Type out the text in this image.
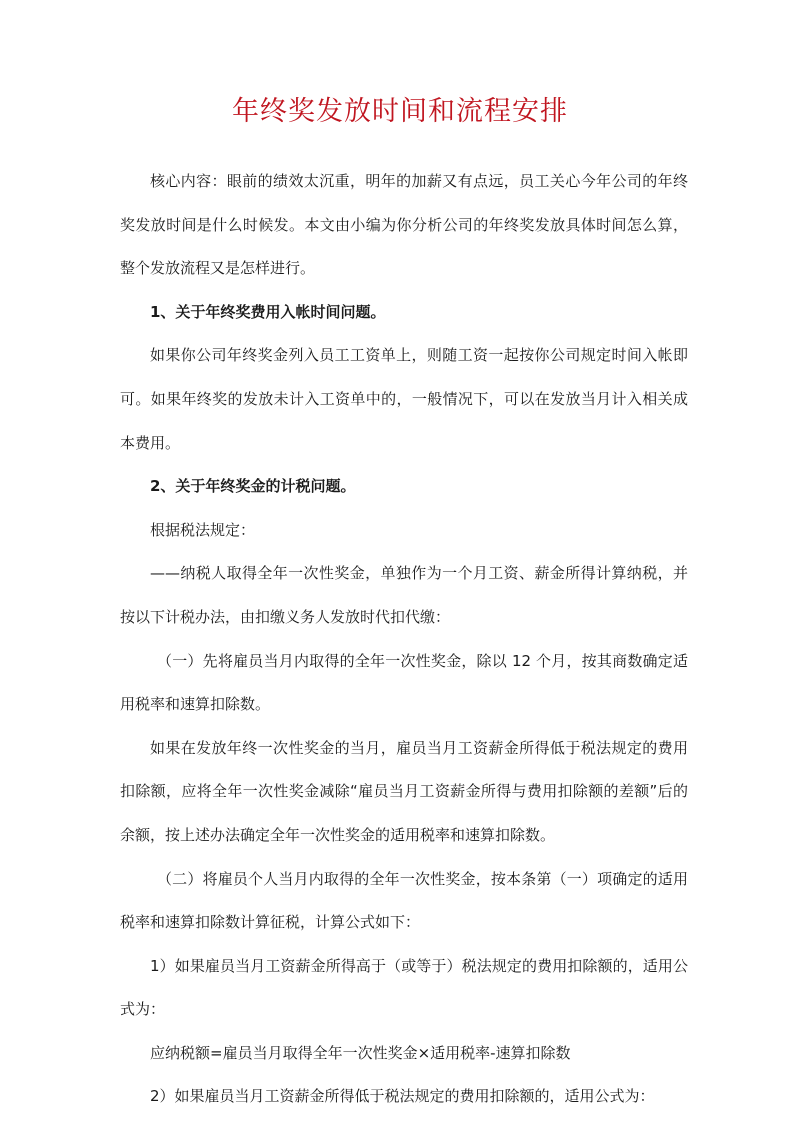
年终奖发放时间和流程安排

核心内容：眼前的绩效太沉重，明年的加薪又有点远，员工关心今年公司的年终奖发放时间是什么时候发。本文由小编为你分析公司的年终奖发放具体时间怎么算，整个发放流程又是怎样进行。

1、关于年终奖费用入帐时间问题。

如果你公司年终奖金列入员工工资单上，则随工资一起按你公司规定时间入帐即可。如果年终奖的发放未计入工资单中的，一般情况下，可以在发放当月计入相关成本费用。

2、关于年终奖金的计税问题。

根据税法规定：

——纳税人取得全年一次性奖金，单独作为一个月工资、薪金所得计算纳税，并按以下计税办法，由扣缴义务人发放时代扣代缴：

（一）先将雇员当月内取得的全年一次性奖金，除以 12 个月，按其商数确定适用税率和速算扣除数。

如果在发放年终一次性奖金的当月，雇员当月工资薪金所得低于税法规定的费用扣除额，应将全年一次性奖金减除“雇员当月工资薪金所得与费用扣除额的差额”后的余额，按上述办法确定全年一次性奖金的适用税率和速算扣除数。

（二）将雇员个人当月内取得的全年一次性奖金，按本条第（一）项确定的适用税率和速算扣除数计算征税，计算公式如下：

1）如果雇员当月工资薪金所得高于（或等于）税法规定的费用扣除额的，适用公式为：

应纳税额=雇员当月取得全年一次性奖金×适用税率-速算扣除数

2）如果雇员当月工资薪金所得低于税法规定的费用扣除额的，适用公式为：
